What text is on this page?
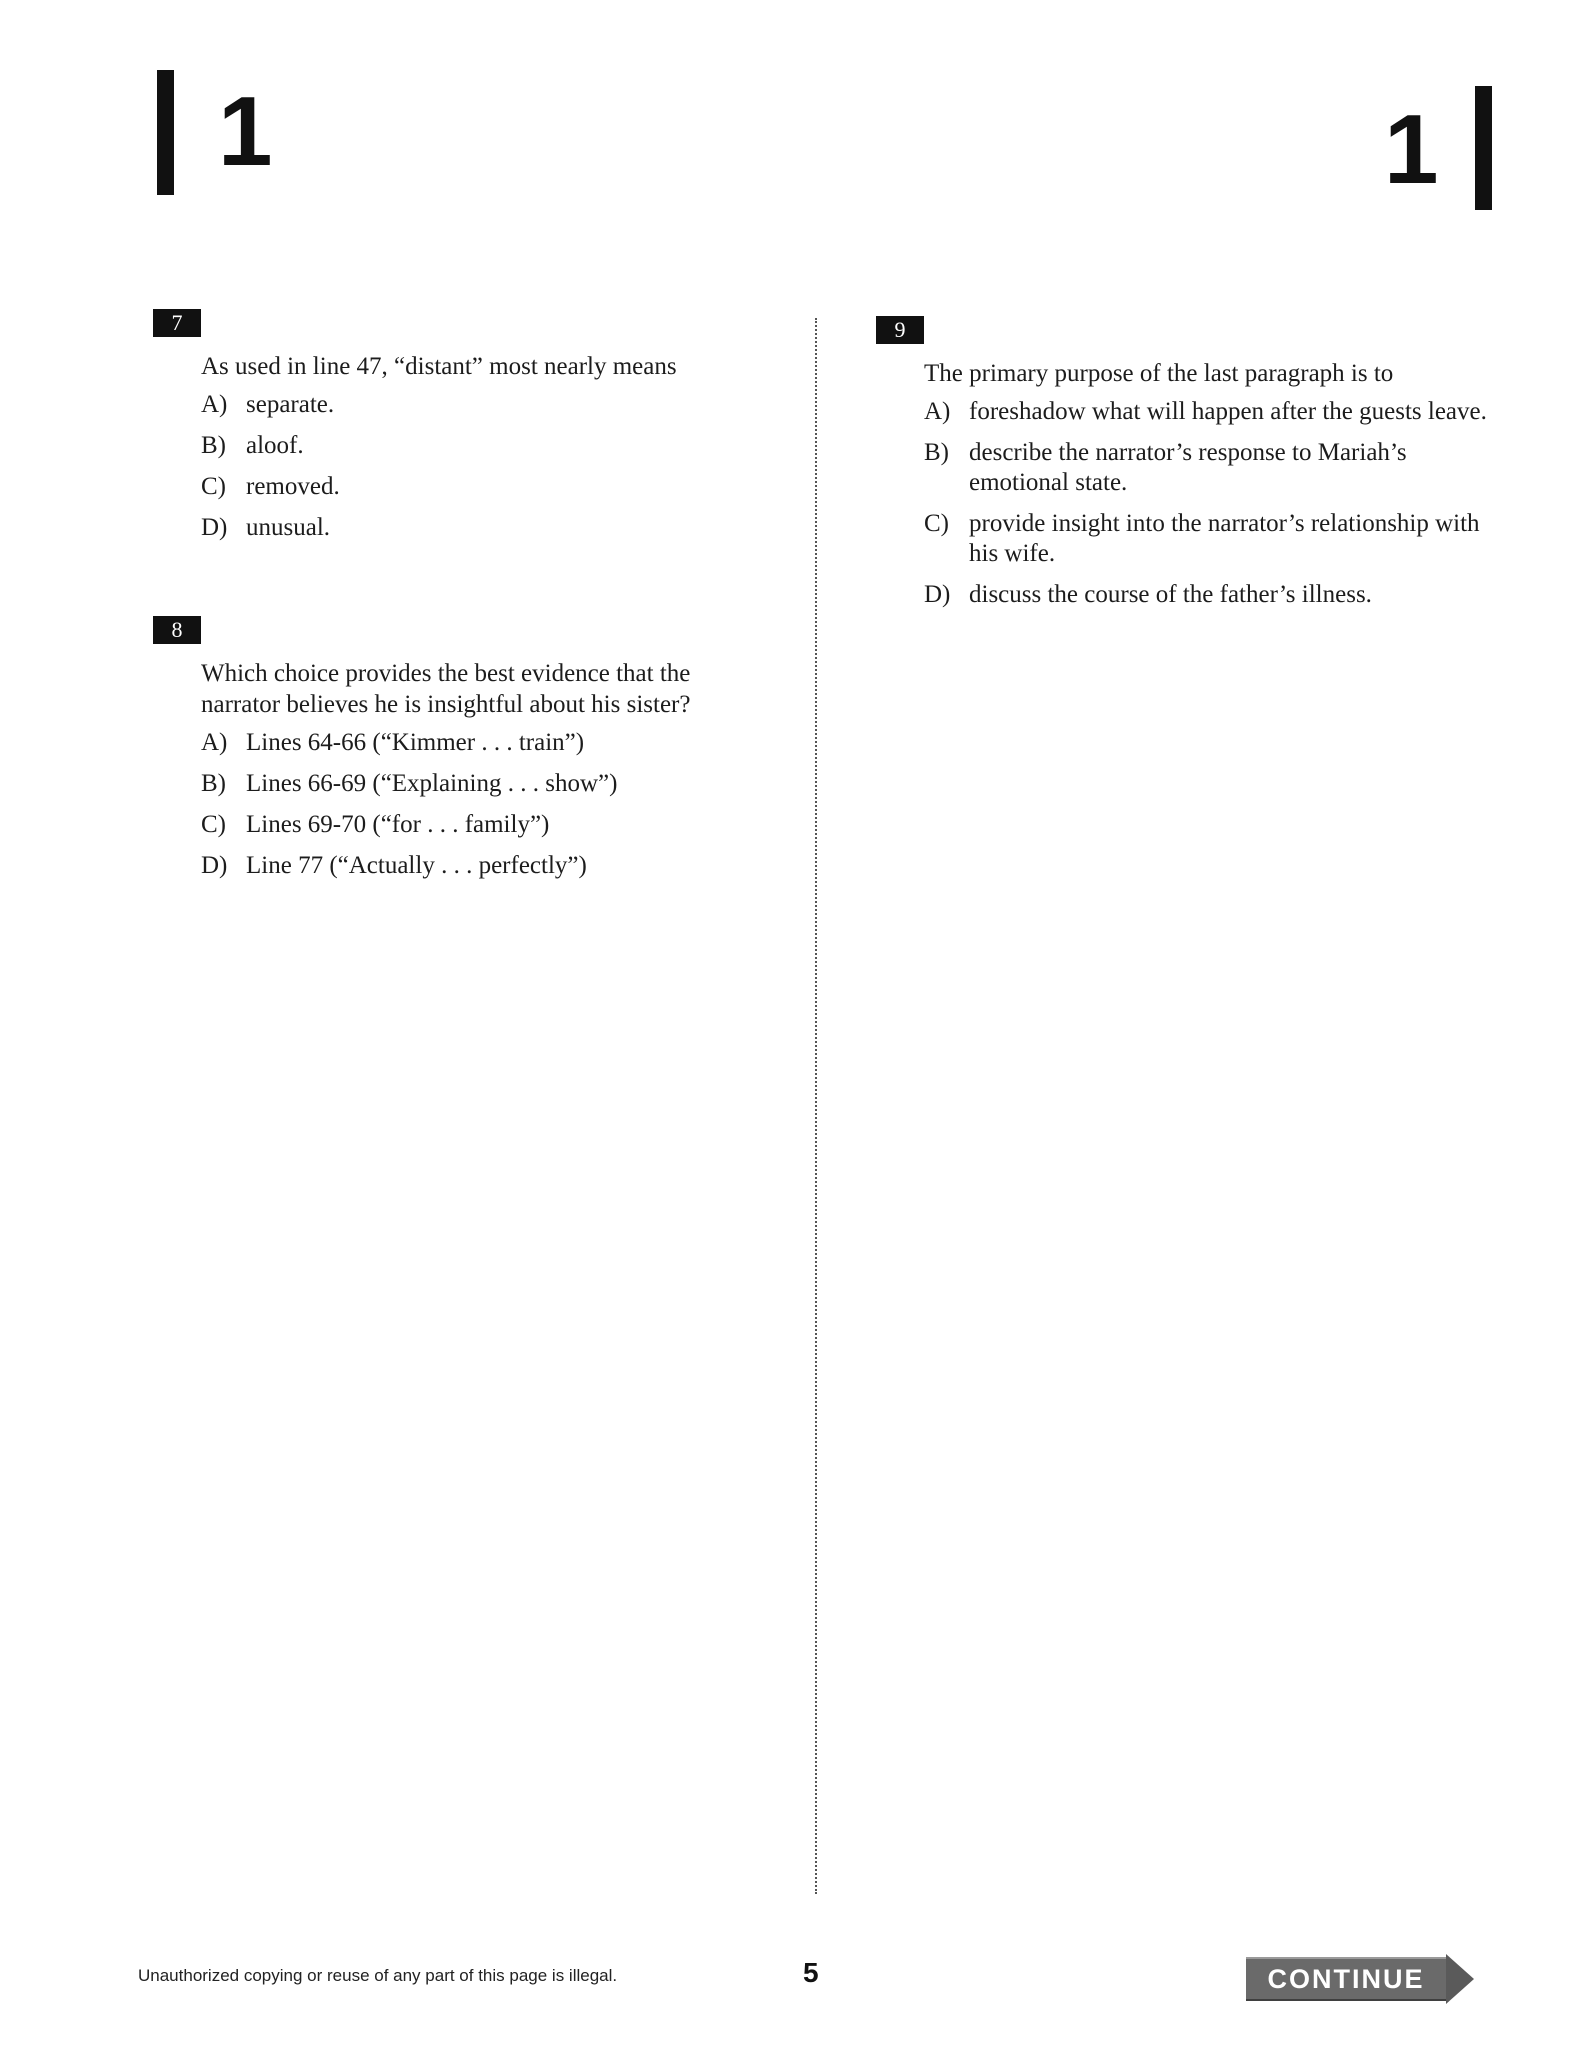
1	1
7

As used in line 47, “distant” most nearly means

A) separate.
B) aloof.
C) removed.
D) unusual.
8

Which choice provides the best evidence that the narrator believes he is insightful about his sister?

A) Lines 64-66 (“Kimmer . . . train”)
B) Lines 66-69 (“Explaining . . . show”)
C) Lines 69-70 (“for . . . family”)
D) Line 77 (“Actually . . . perfectly”)
9

The primary purpose of the last paragraph is to

A) foreshadow what will happen after the guests leave.
B) describe the narrator’s response to Mariah’s emotional state.
C) provide insight into the narrator’s relationship with his wife.
D) discuss the course of the father’s illness.
Unauthorized copying or reuse of any part of this page is illegal.	5	CONTINUE
